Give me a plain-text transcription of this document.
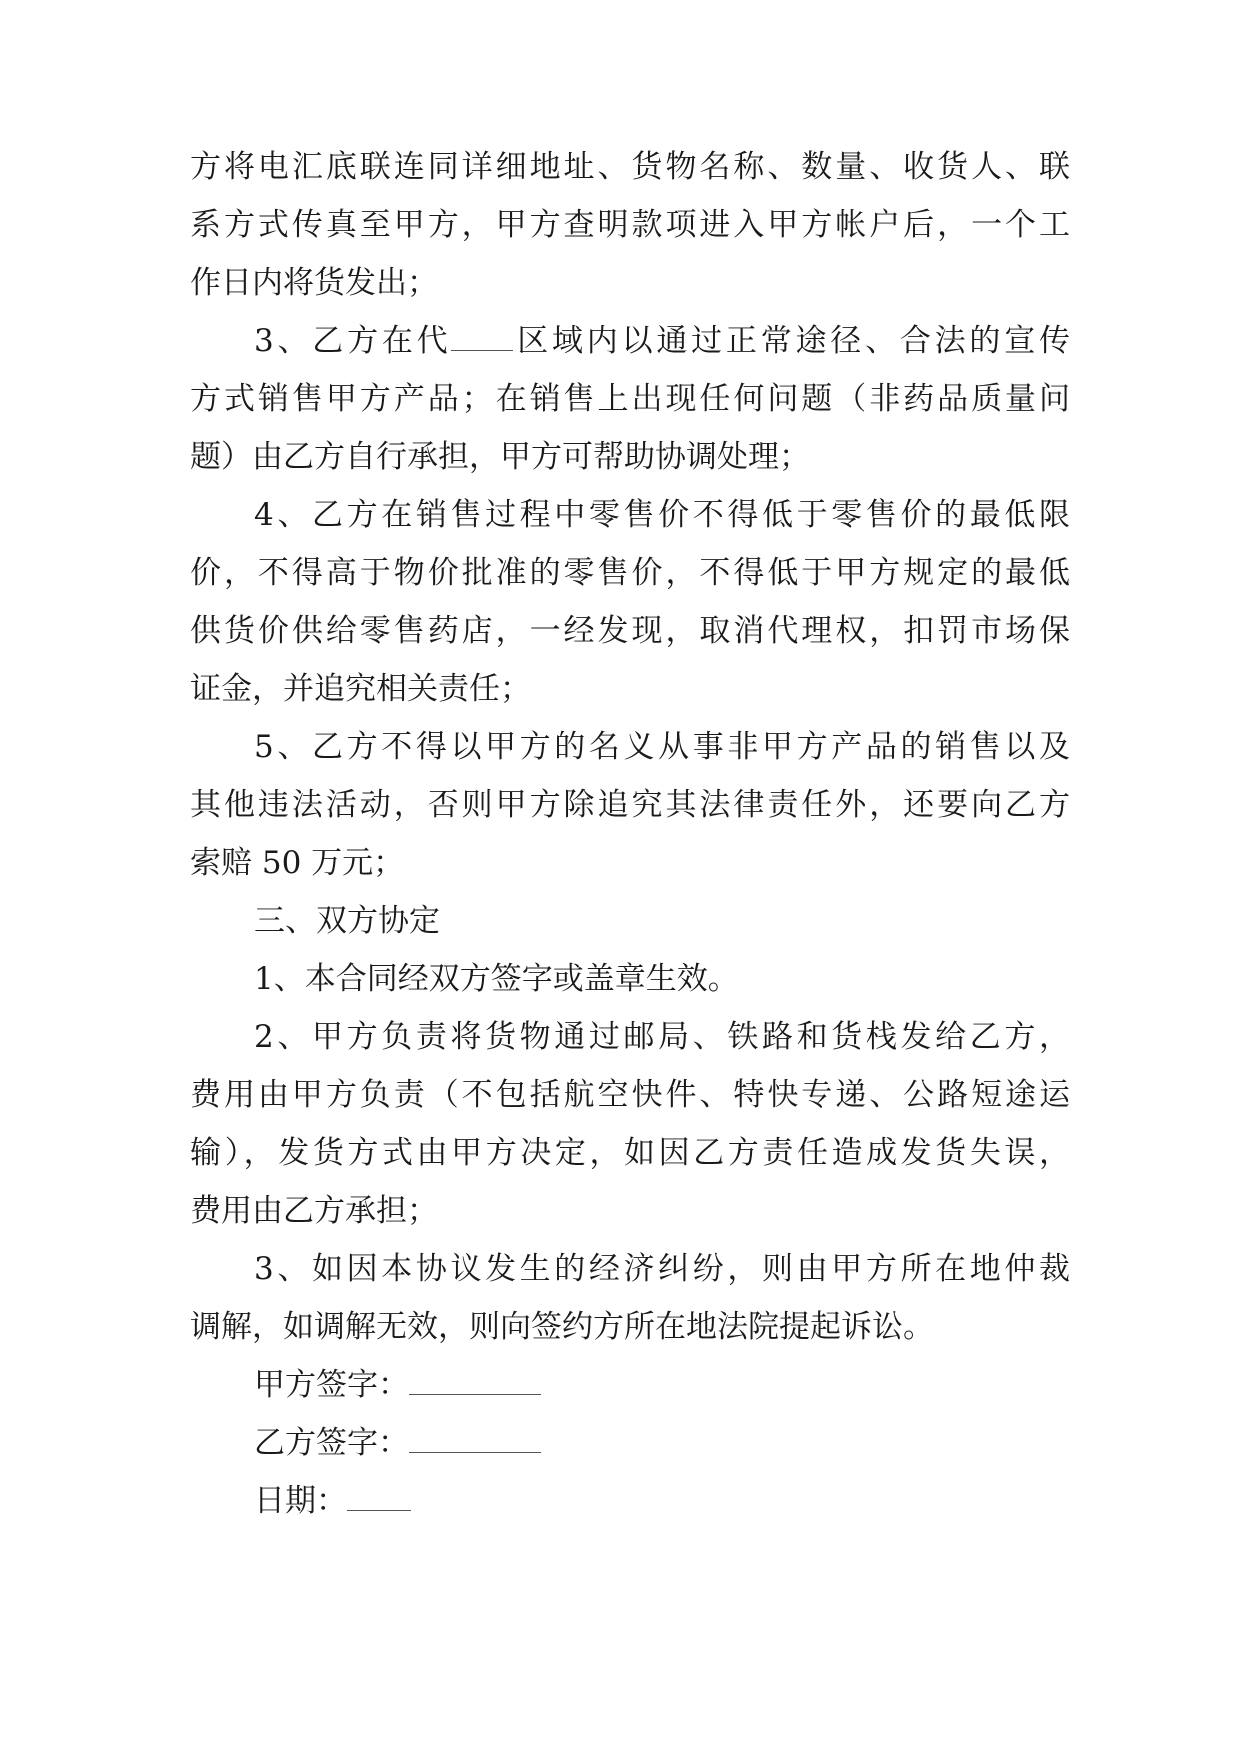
方将电汇底联连同详细地址、货物名称、数量、收货人、联
系方式传真至甲方，甲方查明款项进入甲方帐户后，一个工
作日内将货发出；
3、乙方在代 区域内以通过正常途径、合法的宣传
方式销售甲方产品；在销售上出现任何问题（非药品质量问
题）由乙方自行承担，甲方可帮助协调处理；
4、乙方在销售过程中零售价不得低于零售价的最低限
价，不得高于物价批准的零售价，不得低于甲方规定的最低
供货价供给零售药店，一经发现，取消代理权，扣罚市场保
证金，并追究相关责任；
5、乙方不得以甲方的名义从事非甲方产品的销售以及
其他违法活动，否则甲方除追究其法律责任外，还要向乙方
索赔 50 万元；
三、双方协定
1、本合同经双方签字或盖章生效。
2、甲方负责将货物通过邮局、铁路和货栈发给乙方，
费用由甲方负责（不包括航空快件、特快专递、公路短途运
输），发货方式由甲方决定，如因乙方责任造成发货失误，
费用由乙方承担；
3、如因本协议发生的经济纠纷，则由甲方所在地仲裁
调解，如调解无效，则向签约方所在地法院提起诉讼。
甲方签字：
乙方签字：
日期：
